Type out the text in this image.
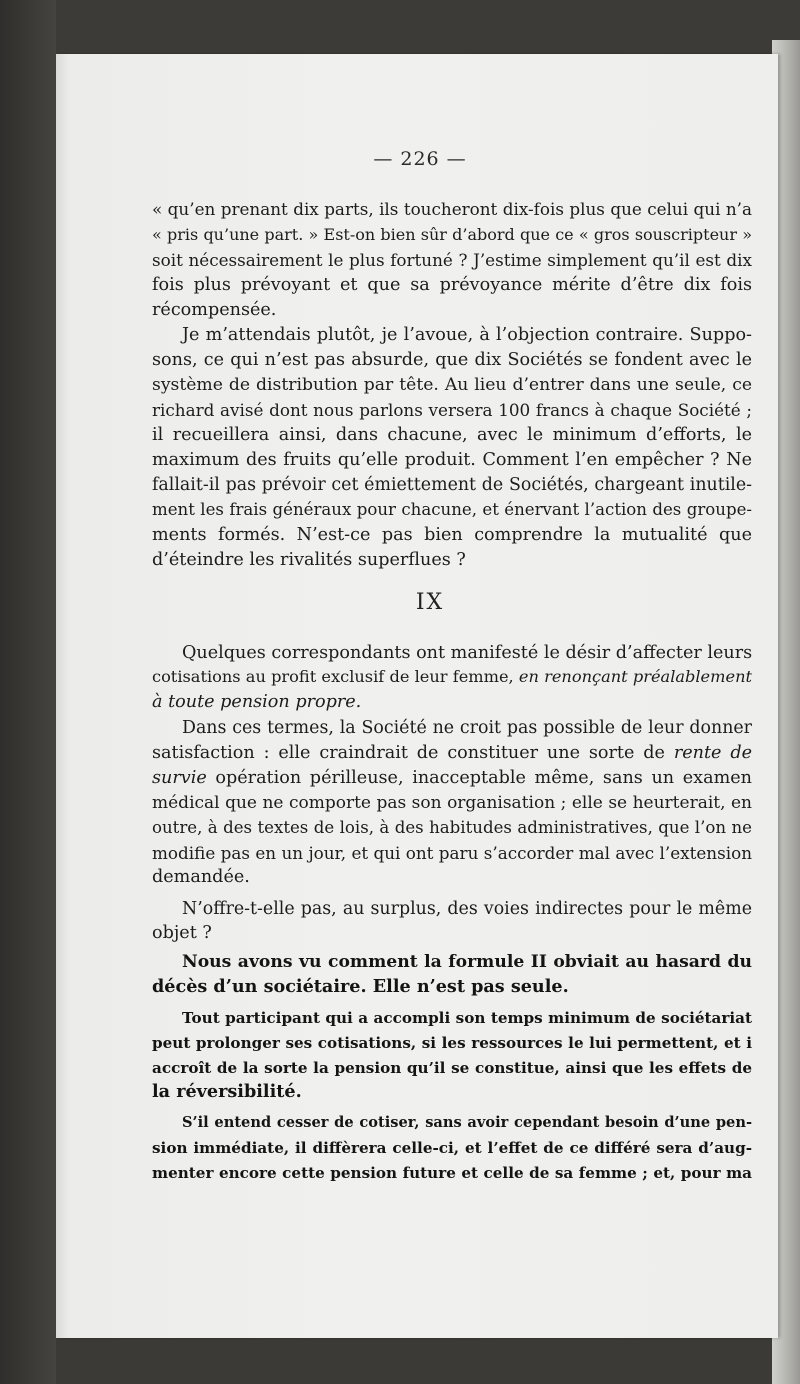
— 226 —
« qu’en prenant dix parts, ils toucheront dix-fois plus que celui qui n’a
« pris qu’une part. » Est-on bien sûr d’abord que ce « gros souscripteur »
soit nécessairement le plus fortuné ? J’estime simplement qu’il est dix
fois plus prévoyant et que sa prévoyance mérite d’être dix fois
récompensée.
Je m’attendais plutôt, je l’avoue, à l’objection contraire. Suppo-
sons, ce qui n’est pas absurde, que dix Sociétés se fondent avec le
système de distribution par tête. Au lieu d’entrer dans une seule, ce
richard avisé dont nous parlons versera 100 francs à chaque Société ;
il recueillera ainsi, dans chacune, avec le minimum d’efforts, le
maximum des fruits qu’elle produit. Comment l’en empêcher ? Ne
fallait-il pas prévoir cet émiettement de Sociétés, chargeant inutile-
ment les frais généraux pour chacune, et énervant l’action des groupe-
ments formés. N’est-ce pas bien comprendre la mutualité que
d’éteindre les rivalités superflues ?
IX
Quelques correspondants ont manifesté le désir d’affecter leurs
cotisations au profit exclusif de leur femme, en renonçant préalablement
à toute pension propre.
Dans ces termes, la Société ne croit pas possible de leur donner
satisfaction : elle craindrait de constituer une sorte de rente de
survie opération périlleuse, inacceptable même, sans un examen
médical que ne comporte pas son organisation ; elle se heurterait, en
outre, à des textes de lois, à des habitudes administratives, que l’on ne
modifie pas en un jour, et qui ont paru s’accorder mal avec l’extension
demandée.
N’offre-t-elle pas, au surplus, des voies indirectes pour le même
objet ?
Nous avons vu comment la formule II obviait au hasard du
décès d’un sociétaire. Elle n’est pas seule.
Tout participant qui a accompli son temps minimum de sociétariat
peut prolonger ses cotisations, si les ressources le lui permettent, et i
accroît de la sorte la pension qu’il se constitue, ainsi que les effets de
la réversibilité.
S’il entend cesser de cotiser, sans avoir cependant besoin d’une pen-
sion immédiate, il diffèrera celle-ci, et l’effet de ce différé sera d’aug-
menter encore cette pension future et celle de sa femme ; et, pour ma
